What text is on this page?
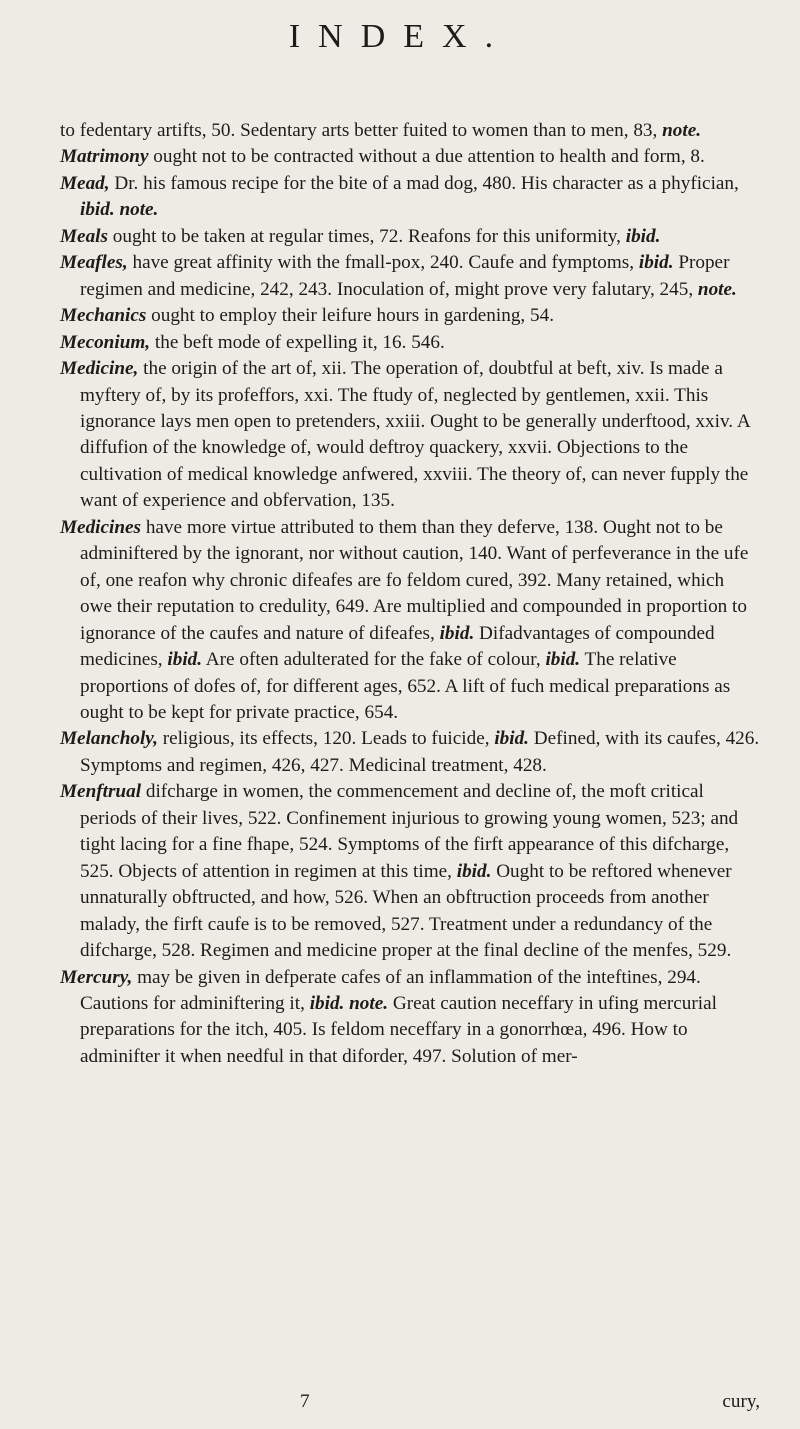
INDEX.

to fedentary artifts, 50. Sedentary arts better fuited to women than to men, 83, note.

Matrimony ought not to be contracted without a due attention to health and form, 8.

Mead, Dr. his famous recipe for the bite of a mad dog, 480. His character as a phyfician, ibid. note.

Meals ought to be taken at regular times, 72. Reafons for this uniformity, ibid.

Meafles, have great affinity with the fmall-pox, 240. Caufe and fymptoms, ibid. Proper regimen and medicine, 242, 243. Inoculation of, might prove very falutary, 245, note.

Mechanics ought to employ their leifure hours in gardening, 54.

Meconium, the beft mode of expelling it, 16. 546.

Medicine, the origin of the art of, xii. The operation of, doubtful at beft, xiv. Is made a myftery of, by its profeffors, xxi. The ftudy of, neglected by gentlemen, xxii. This ignorance lays men open to pretenders, xxiii. Ought to be generally underftood, xxiv. A diffufion of the knowledge of, would deftroy quackery, xxvii. Objections to the cultivation of medical knowledge anfwered, xxviii. The theory of, can never fupply the want of experience and obfervation, 135.

Medicines have more virtue attributed to them than they deferve, 138. Ought not to be adminiftered by the ignorant, nor without caution, 140. Want of perfeverance in the ufe of, one reafon why chronic difeafes are fo feldom cured, 392. Many retained, which owe their reputation to credulity, 649. Are multiplied and compounded in proportion to ignorance of the caufes and nature of difeafes, ibid. Difadvantages of compounded medicines, ibid. Are often adulterated for the fake of colour, ibid. The relative proportions of dofes of, for different ages, 652. A lift of fuch medical preparations as ought to be kept for private practice, 654.

Melancholy, religious, its effects, 120. Leads to fuicide, ibid. Defined, with its caufes, 426. Symptoms and regimen, 426, 427. Medicinal treatment, 428.

Menftrual difcharge in women, the commencement and decline of, the moft critical periods of their lives, 522. Confinement injurious to growing young women, 523; and tight lacing for a fine fhape, 524. Symptoms of the firft appearance of this difcharge, 525. Objects of attention in regimen at this time, ibid. Ought to be reftored whenever unnaturally obftructed, and how, 526. When an obftruction proceeds from another malady, the firft caufe is to be removed, 527. Treatment under a redundancy of the difcharge, 528. Regimen and medicine proper at the final decline of the menfes, 529.

Mercury, may be given in defperate cafes of an inflammation of the inteftines, 294. Cautions for adminiftering it, ibid. note. Great caution neceffary in ufing mercurial preparations for the itch, 405. Is feldom neceffary in a gonorrhœa, 496. How to adminifter it when needful in that diforder, 497. Solution of mer-

7	cury,
